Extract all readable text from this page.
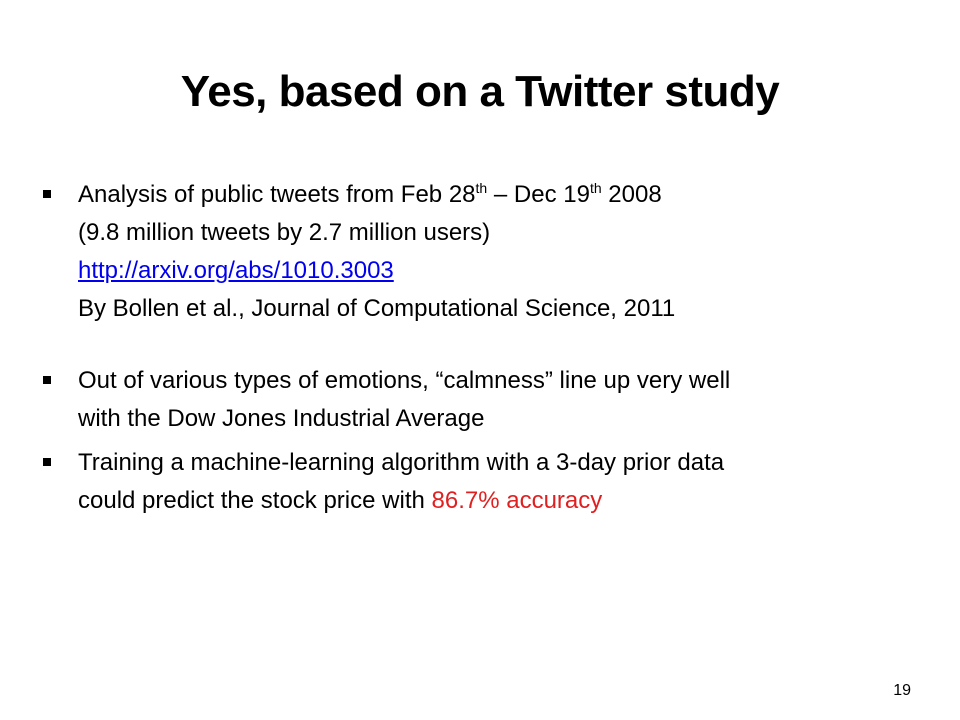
Yes, based on a Twitter study
Analysis of public tweets from Feb 28th – Dec 19th 2008
(9.8 million tweets by 2.7 million users)
http://arxiv.org/abs/1010.3003
By Bollen et al., Journal of Computational Science, 2011
Out of various types of emotions, “calmness” line up very well
with the Dow Jones Industrial Average
Training a machine-learning algorithm with a 3-day prior data
could predict the stock price with 86.7% accuracy
19
